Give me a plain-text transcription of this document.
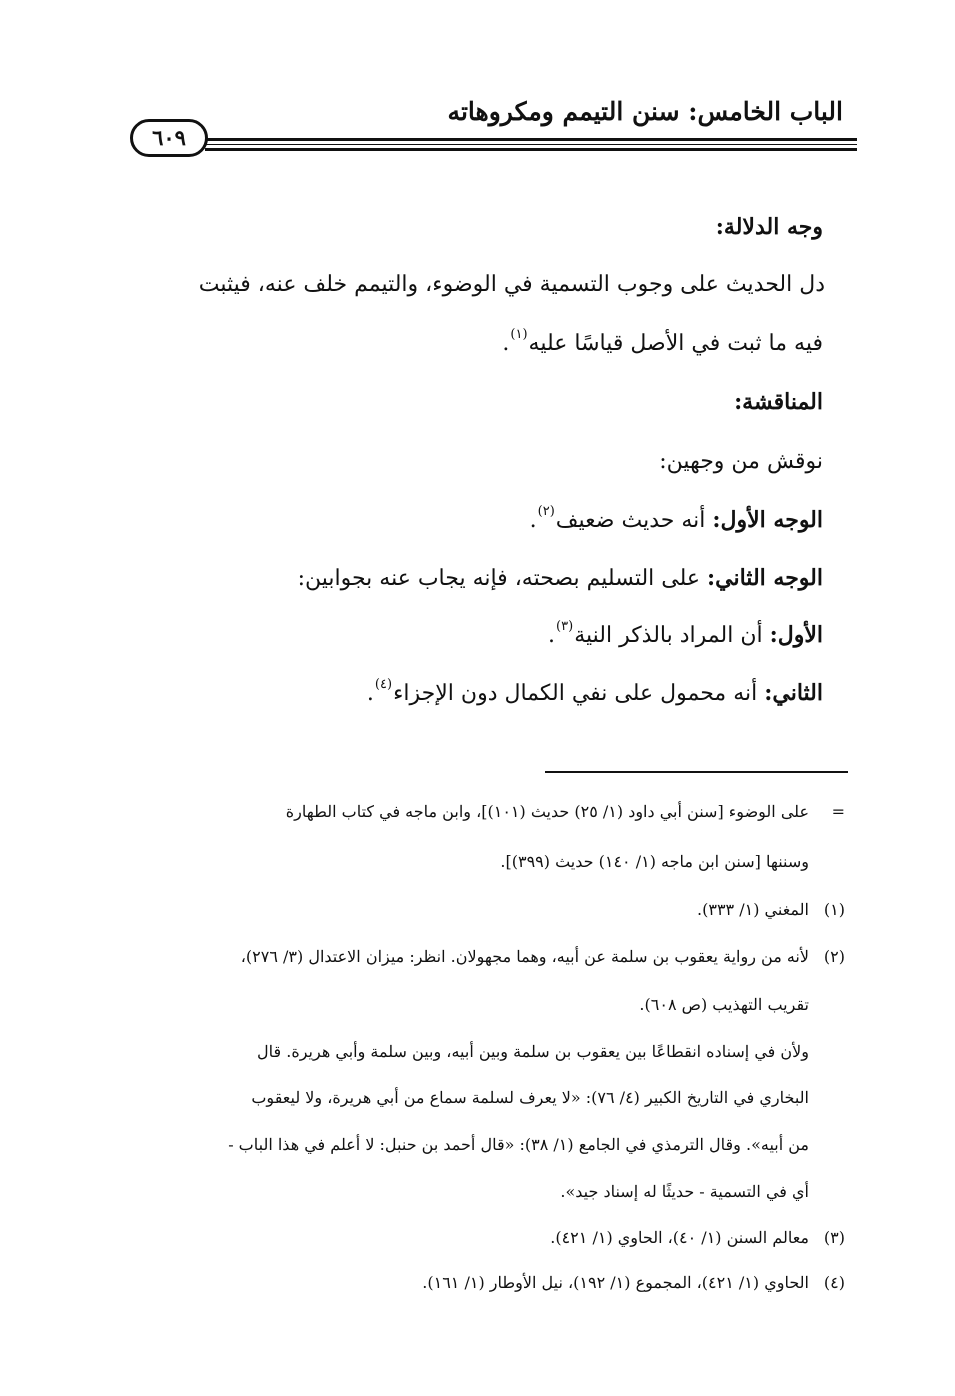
الباب الخامس: سنن التيمم ومكروهاته
٦٠٩
وجه الدلالة:
دل الحديث على وجوب التسمية في الوضوء، والتيمم خلف عنه، فيثبت
فيه ما ثبت في الأصل قياسًا عليه$^{(١)}$.
المناقشة:
نوقش من وجهين:
الوجه الأول: أنه حديث ضعيف$^{(٢)}$.
الوجه الثاني: على التسليم بصحته، فإنه يجاب عنه بجوابين:
الأول: أن المراد بالذكر النية$^{(٣)}$.
الثاني: أنه محمول على نفي الكمال دون الإجزاء$^{(٤)}$.
=على الوضوء [سنن أبي داود (١/ ٢٥) حديث (١٠١)]، وابن ماجه في كتاب الطهارة
وسننها [سنن ابن ماجه (١/ ١٤٠) حديث (٣٩٩)].
(١)المغني (١/ ٣٣٣).
(٢)لأنه من رواية يعقوب بن سلمة عن أبيه، وهما مجهولان. انظر: ميزان الاعتدال (٣/ ٢٧٦)،
تقريب التهذيب (ص ٦٠٨).
ولأن في إسناده انقطاعًا بين يعقوب بن سلمة وبين أبيه، وبين سلمة وأبي هريرة. قال
البخاري في التاريخ الكبير (٤/ ٧٦): «لا يعرف لسلمة سماع من أبي هريرة، ولا ليعقوب
من أبيه». وقال الترمذي في الجامع (١/ ٣٨): «قال أحمد بن حنبل: لا أعلم في هذا الباب -
أي في التسمية - حديثًا له إسناد جيد».
(٣)معالم السنن (١/ ٤٠)، الحاوي (١/ ٤٢١).
(٤)الحاوي (١/ ٤٢١)، المجموع (١/ ١٩٢)، نيل الأوطار (١/ ١٦١).
